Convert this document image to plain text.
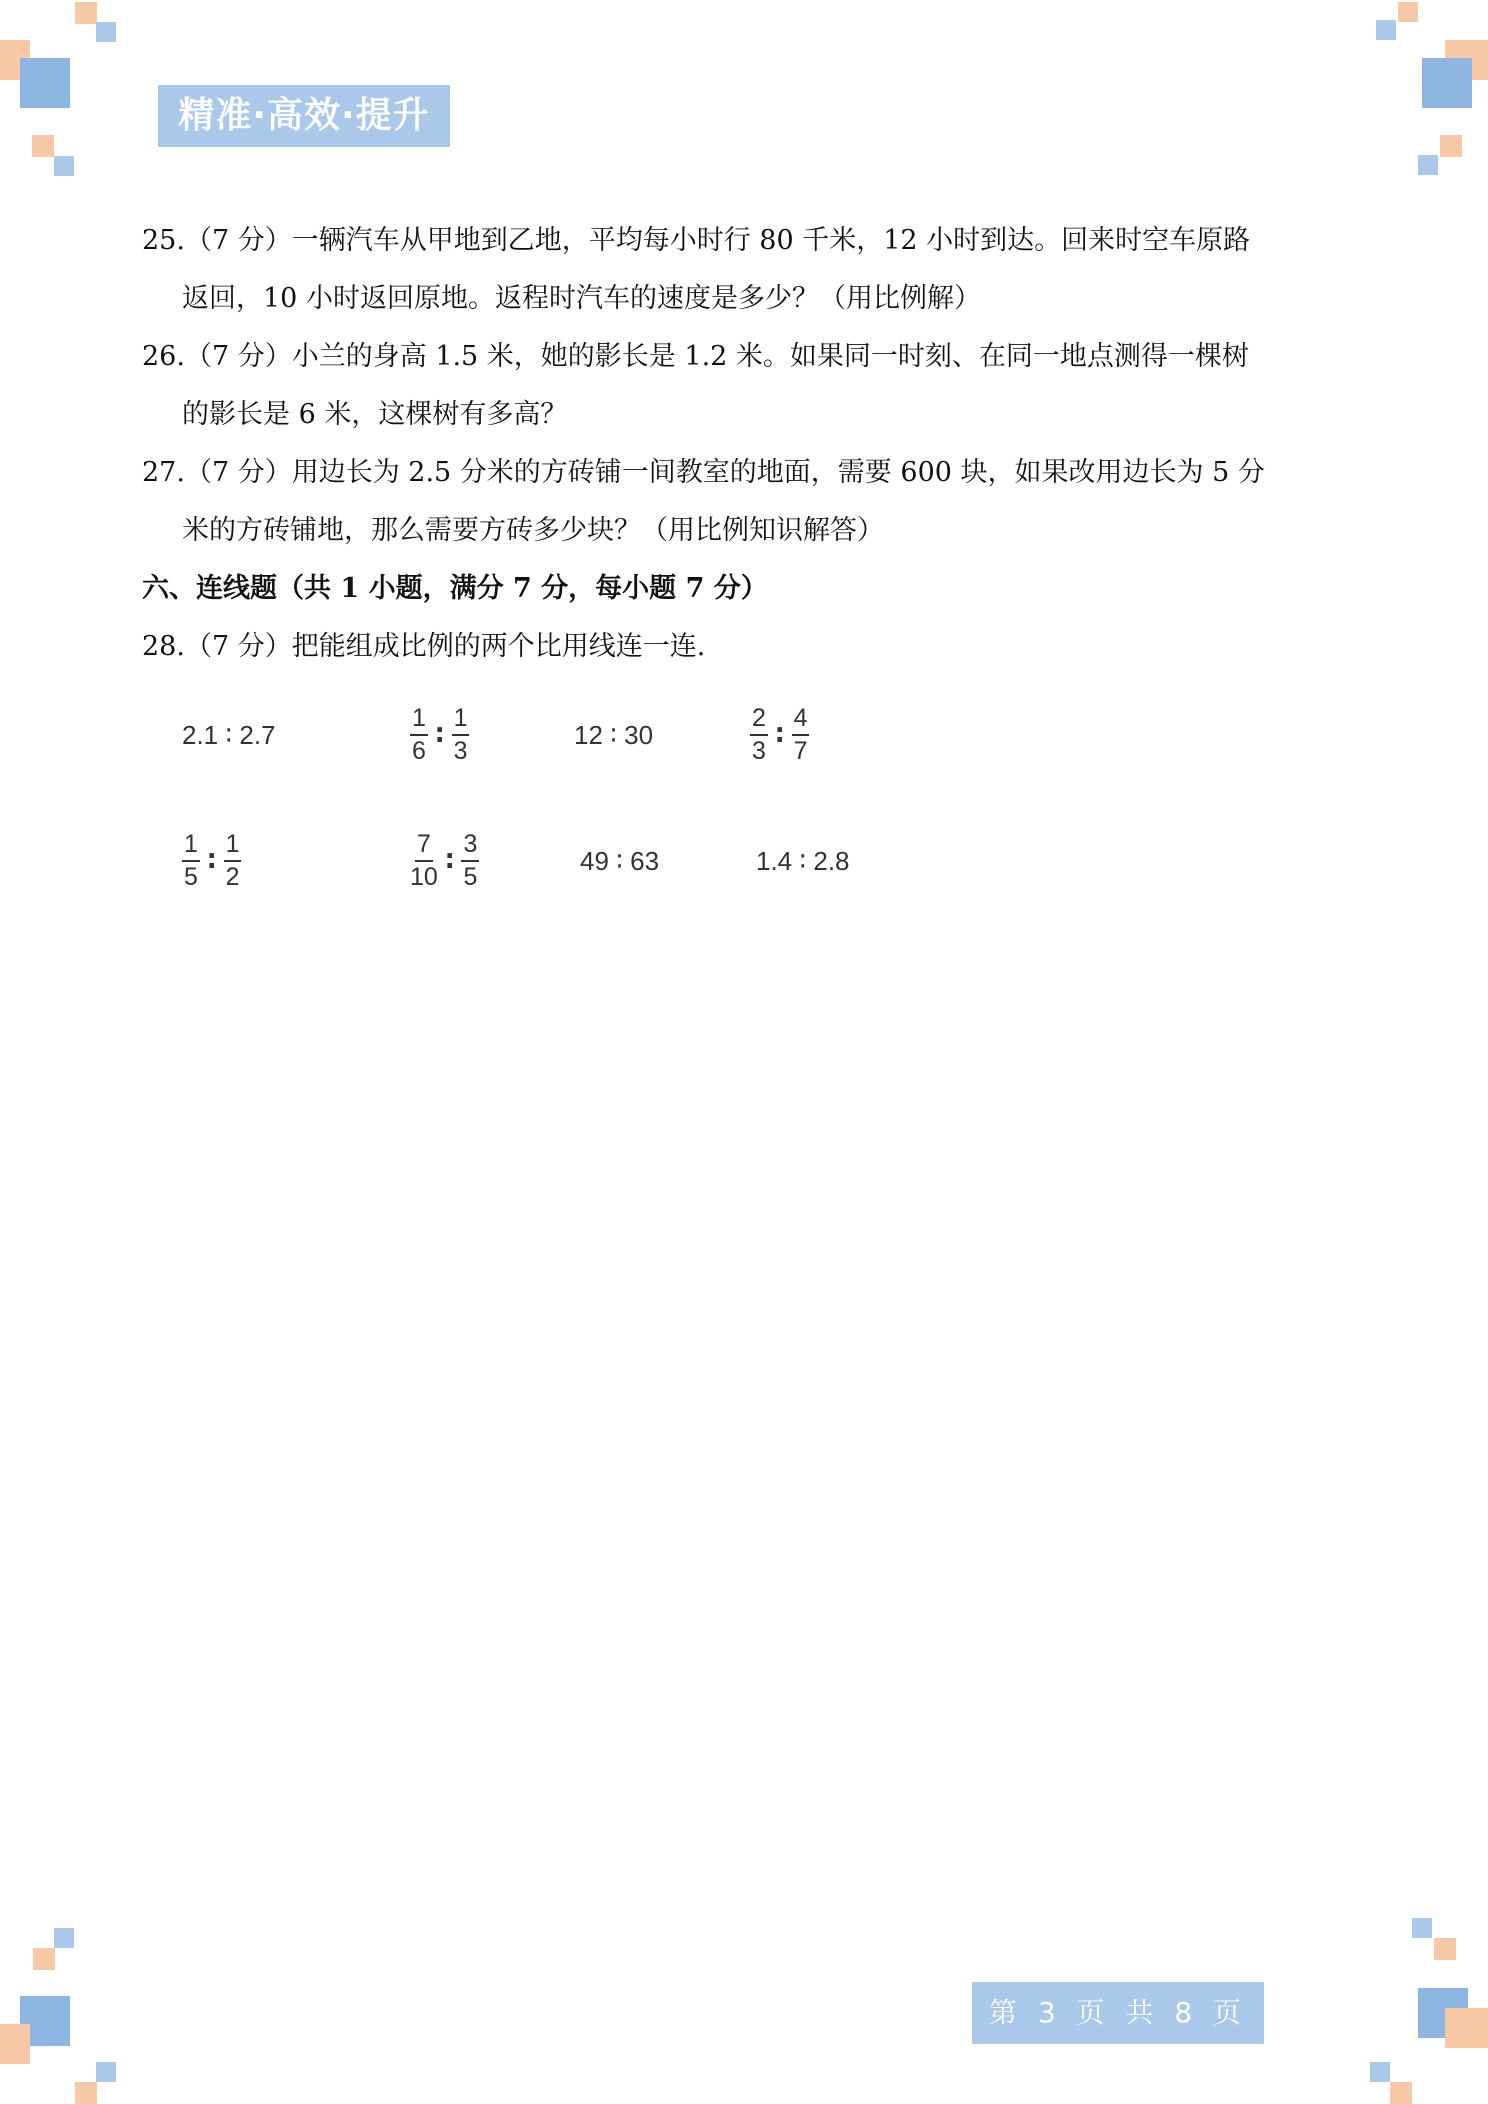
精准·高效·提升
25.（7 分）一辆汽车从甲地到乙地，平均每小时行 80 千米，12 小时到达。回来时空车原路
返回，10 小时返回原地。返程时汽车的速度是多少？（用比例解）
26.（7 分）小兰的身高 1.5 米，她的影长是 1.2 米。如果同一时刻、在同一地点测得一棵树
的影长是 6 米，这棵树有多高？
27.（7 分）用边长为 2.5 分米的方砖铺一间教室的地面，需要 600 块，如果改用边长为 5 分
米的方砖铺地，那么需要方砖多少块？（用比例知识解答）
六、连线题（共 1 小题，满分 7 分，每小题 7 分）
28.（7 分）把能组成比例的两个比用线连一连.
2.1 ∶ 2.7	$\frac{1}{6}$ ∶ $\frac{1}{3}$	12 ∶ 30	$\frac{2}{3}$ ∶ $\frac{4}{7}$
$\frac{1}{5}$ ∶ $\frac{1}{2}$	$\frac{7}{10}$ ∶ $\frac{3}{5}$	49 ∶ 63	1.4 ∶ 2.8
第 3 页 共 8 页
